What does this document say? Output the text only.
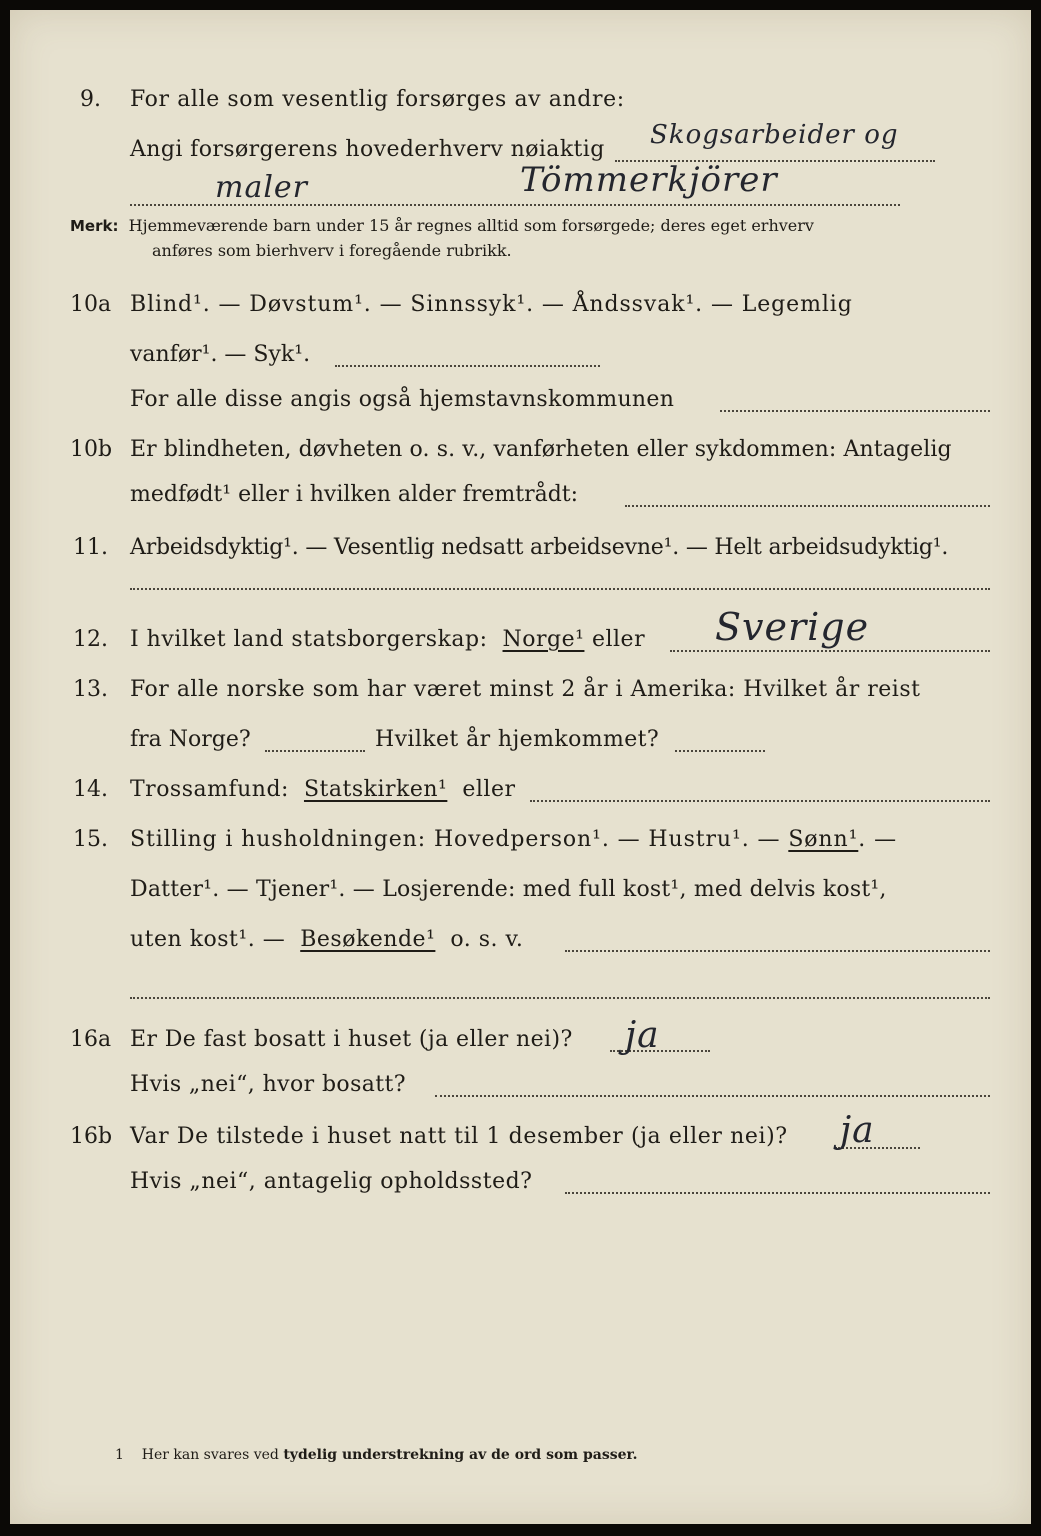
9. For alle som vesentlig forsørges av andre:
Angi forsørgerens hovederhverv nøiaktig Skogsarbeider og
maler	Tömmerkjörer
Merk: Hjemmeværende barn under 15 år regnes alltid som forsørgede; deres eget erhverv
anføres som bierhverv i foregående rubrikk.
10a Blind¹. — Døvstum¹. — Sinnssyk¹. — Åndssvak¹. — Legemlig
vanfør¹. — Syk¹.
For alle disse angis også hjemstavnskommunen
10b Er blindheten, døvheten o. s. v., vanførheten eller sykdommen: Antagelig
medfødt¹ eller i hvilken alder fremtrådt:
11. Arbeidsdyktig¹. — Vesentlig nedsatt arbeidsevne¹. — Helt arbeidsudyktig¹.
12. I hvilket land statsborgerskap: Norge¹ eller Sverige
13. For alle norske som har været minst 2 år i Amerika: Hvilket år reist
fra Norge?	Hvilket år hjemkommet?
14. Trossamfund: Statskirken¹ eller
15. Stilling i husholdningen: Hovedperson¹. — Hustru¹. — Sønn¹. —
Datter¹. — Tjener¹. — Losjerende: med full kost¹, med delvis kost¹,
uten kost¹. — Besøkende¹ o. s. v.
16a Er De fast bosatt i huset (ja eller nei)? ja
Hvis „nei“, hvor bosatt?
16b Var De tilstede i huset natt til 1 desember (ja eller nei)? ja
Hvis „nei“, antagelig opholdssted?
1 Her kan svares ved tydelig understrekning av de ord som passer.
